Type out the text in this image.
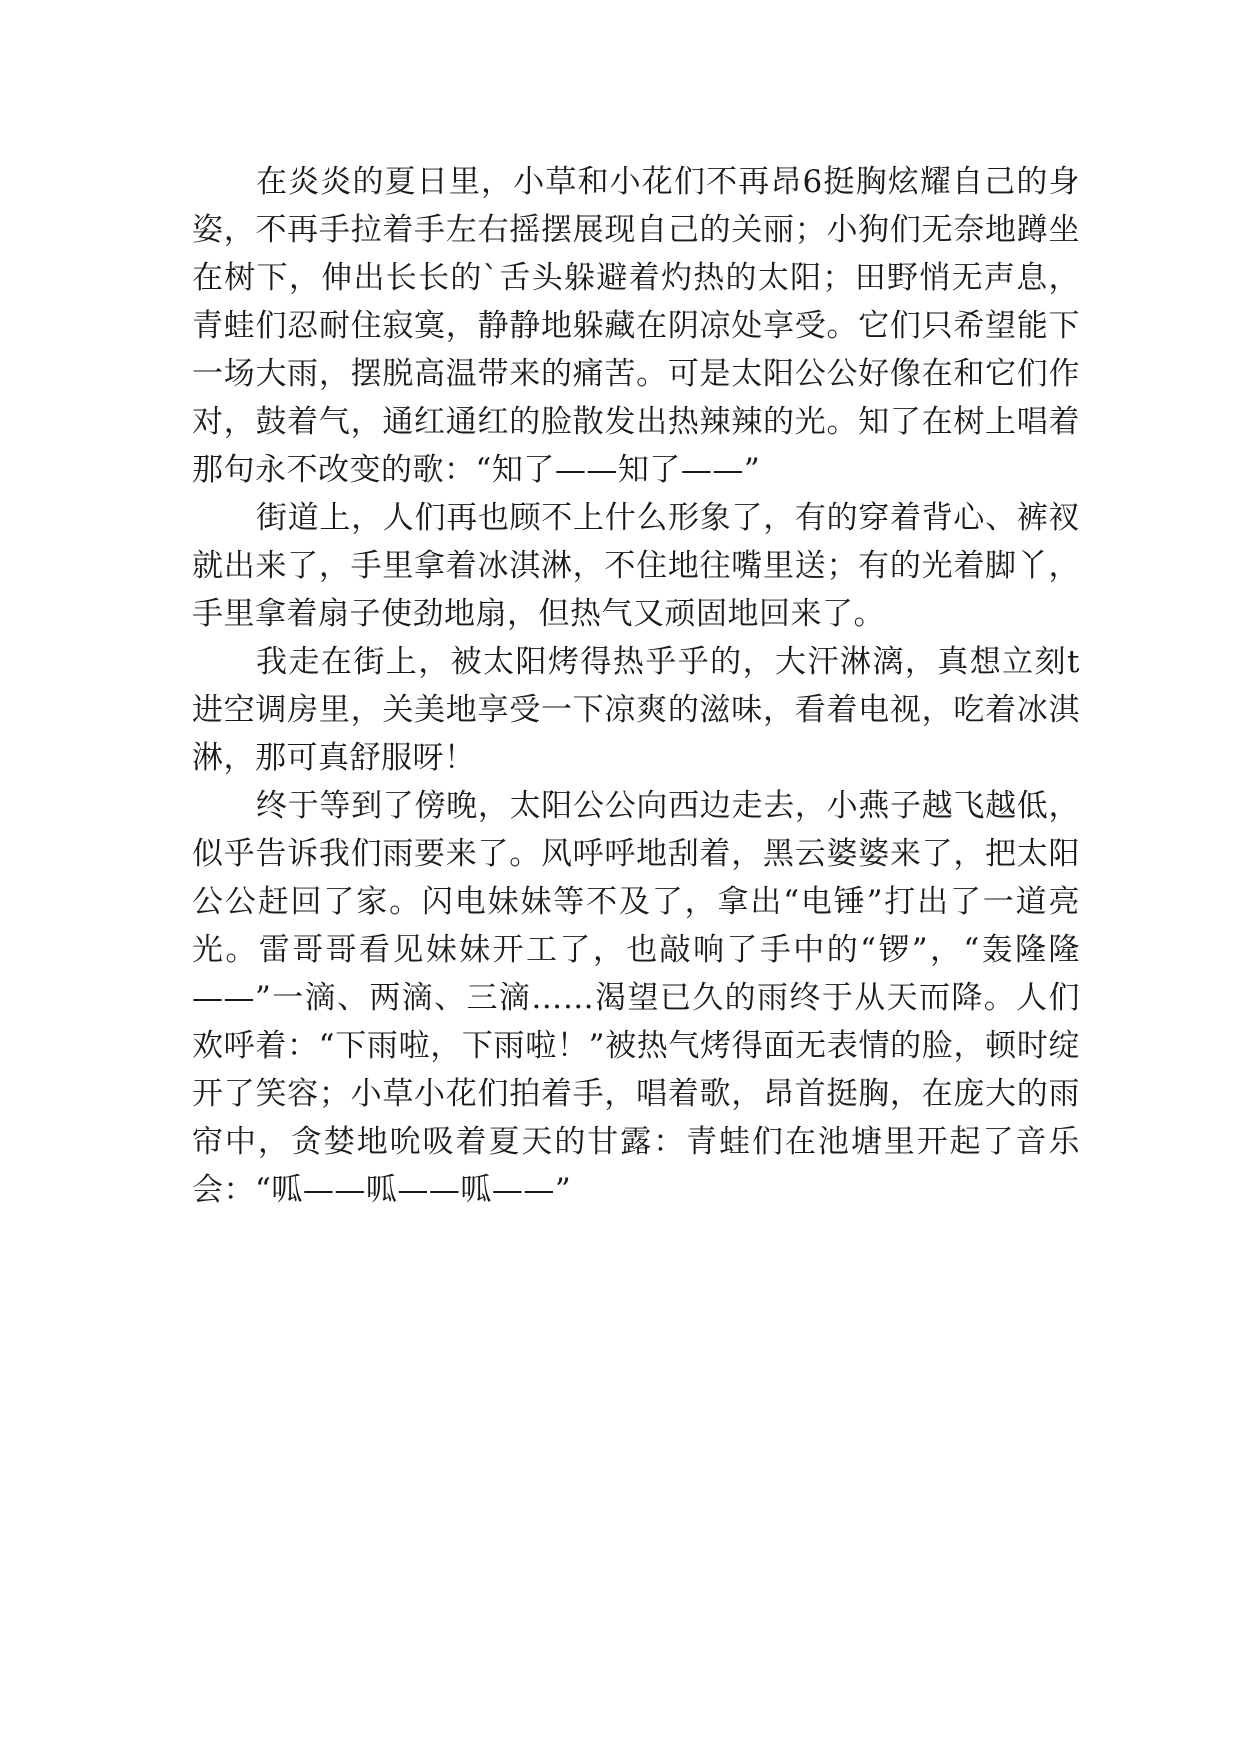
在炎炎的夏日里，小草和小花们不再昂6挺胸炫耀自己的身姿，不再手拉着手左右摇摆展现自己的关丽；小狗们无奈地蹲坐在树下，伸出长长的`舌头躲避着灼热的太阳；田野悄无声息，青蛙们忍耐住寂寞，静静地躲藏在阴凉处享受。它们只希望能下一场大雨，摆脱高温带来的痛苦。可是太阳公公好像在和它们作对，鼓着气，通红通红的脸散发出热辣辣的光。知了在树上唱着那句永不改变的歌：“知了——知了——”

街道上，人们再也顾不上什么形象了，有的穿着背心、裤衩就出来了，手里拿着冰淇淋，不住地往嘴里送；有的光着脚丫，手里拿着扇子使劲地扇，但热气又顽固地回来了。

我走在街上，被太阳烤得热乎乎的，大汗淋漓，真想立刻t进空调房里，关美地享受一下凉爽的滋味，看着电视，吃着冰淇淋，那可真舒服呀！

终于等到了傍晚，太阳公公向西边走去，小燕子越飞越低，似乎告诉我们雨要来了。风呼呼地刮着，黑云婆婆来了，把太阳公公赶回了家。闪电妹妹等不及了，拿出“电锤”打出了一道亮光。雷哥哥看见妹妹开工了，也敲响了手中的“锣”，“轰隆隆——”一滴、两滴、三滴……渴望已久的雨终于从天而降。人们欢呼着：“下雨啦，下雨啦！”被热气烤得面无表情的脸，顿时绽开了笑容；小草小花们拍着手，唱着歌，昂首挺胸，在庞大的雨帘中，贪婪地吮吸着夏天的甘露：青蛙们在池塘里开起了音乐会：“呱——呱——呱——”
